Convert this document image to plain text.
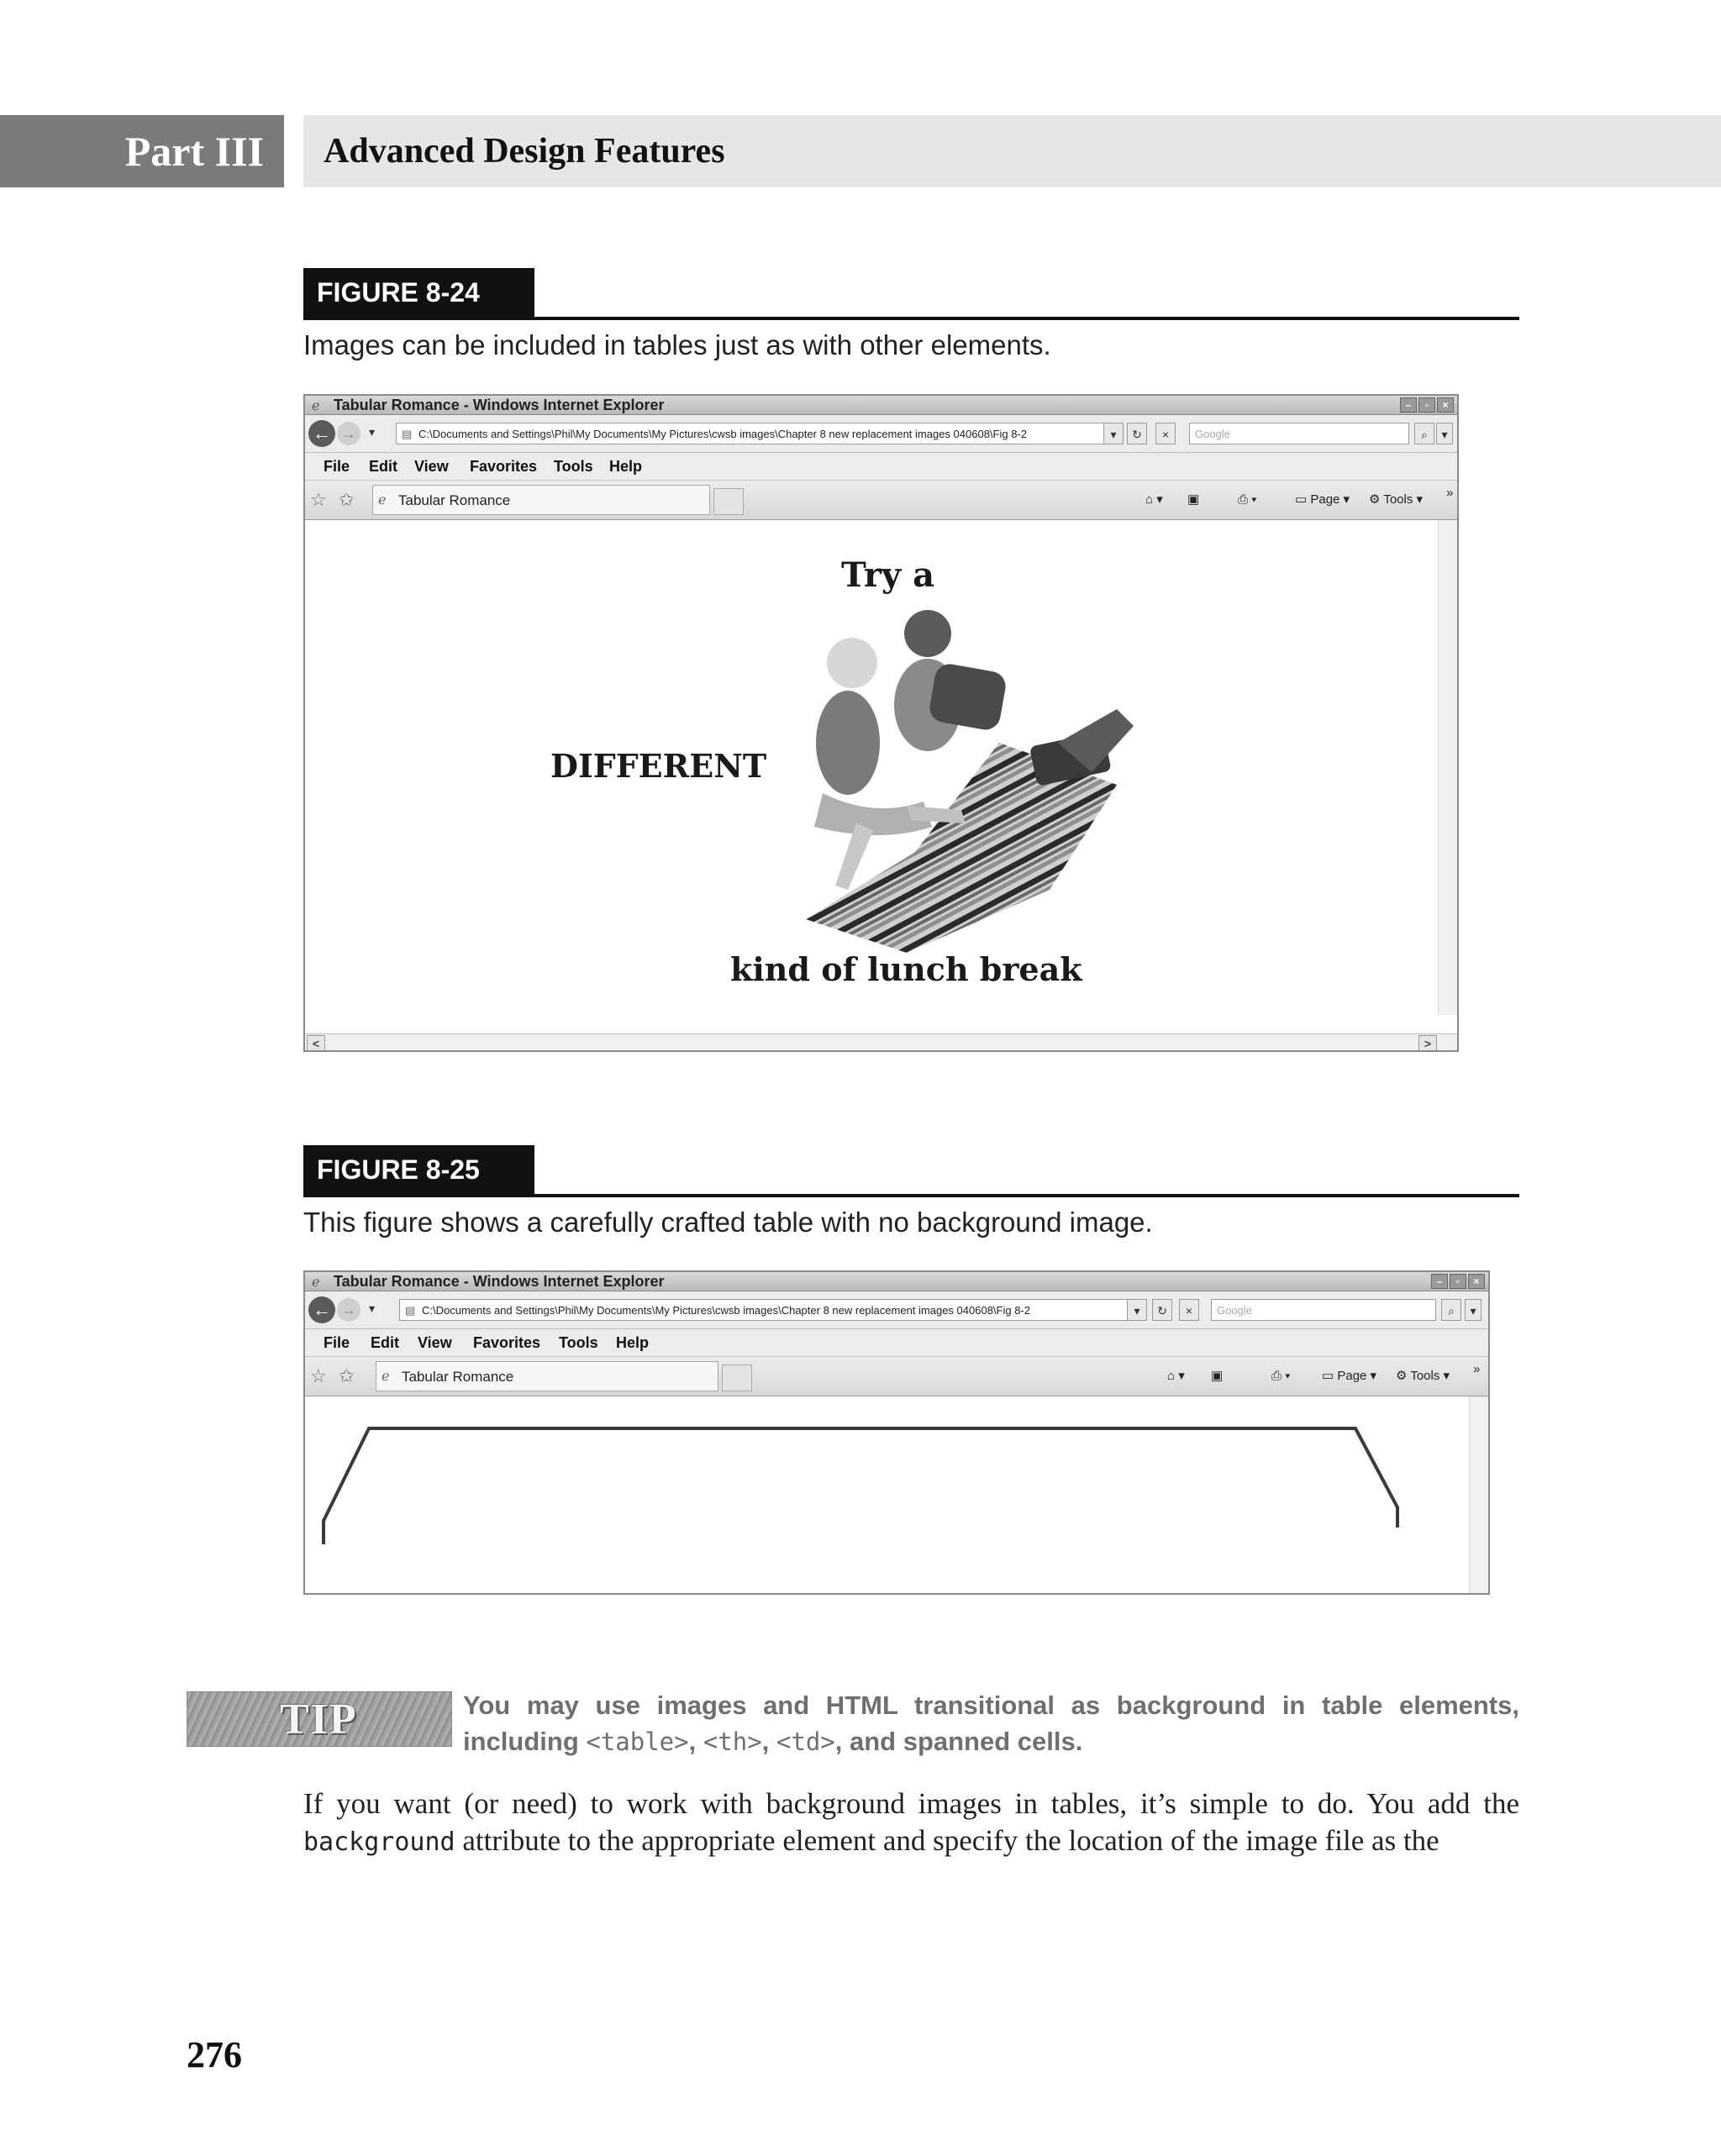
Part III	Advanced Design Features
FIGURE 8-24
Images can be included in tables just as with other elements.
ℯ Tabular Romance - Windows Internet Explorer	–	▫	×
← →	▾ ▤ C:\Documents and Settings\Phil\My Documents\My Pictures\cwsb images\Chapter 8 new replacement images 040608\Fig 8-2	▾	↻	×	Google	⌕	▾
File Edit View Favorites Tools Help
☆ ✩ ℯ Tabular Romance	⌂ ▾ ▣	⎙ ▾	▭ Page ▾ ⚙ Tools ▾ »
Try a
DIFFERENT
kind of lunch break
<	>
FIGURE 8-25
This figure shows a carefully crafted table with no background image.
ℯ Tabular Romance - Windows Internet Explorer	–	▫	×
← →	▾	▤ C:\Documents and Settings\Phil\My Documents\My Pictures\cwsb images\Chapter 8 new replacement images 040608\Fig 8-2	▾	↻	×	Google	⌕	▾
File Edit View Favorites Tools Help
☆ ✩ ℯ Tabular Romance	⌂ ▾ ▣	⎙ ▾	▭ Page ▾ ⚙ Tools ▾ »
TIP	You may use images and HTML transitional as background in table elements, including <table>, <th>, <td>, and spanned cells.
If you want (or need) to work with background images in tables, it’s simple to do. You add the background attribute to the appropriate element and specify the location of the image file as the
276
